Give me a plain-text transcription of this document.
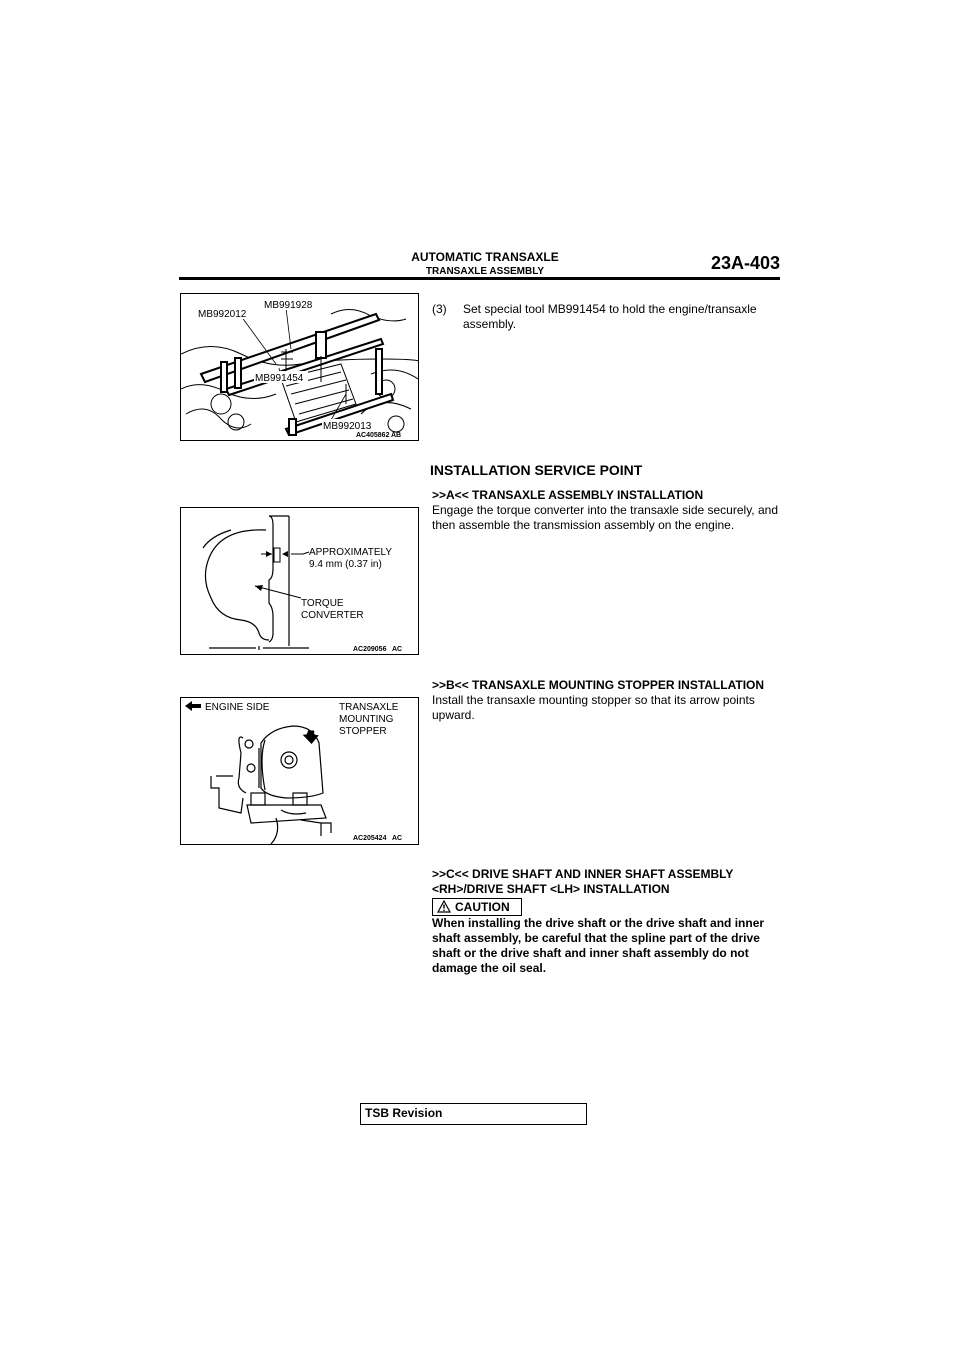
AUTOMATIC TRANSAXLE
TRANSAXLE ASSEMBLY	23A-403
MB991928
MB992012
MB991454
MB992013
AC405862 AB
(3)	Set special tool MB991454 to hold the engine/transaxle assembly.
INSTALLATION SERVICE POINT
>>A<< TRANSAXLE ASSEMBLY INSTALLATION
Engage the torque converter into the transaxle side securely, and then assemble the transmission assembly on the engine.
APPROXIMATELY
9.4 mm (0.37 in)
TORQUE
CONVERTER
AC209056 AC
>>B<< TRANSAXLE MOUNTING STOPPER INSTALLATION
Install the transaxle mounting stopper so that its arrow points upward.
ENGINE SIDE	TRANSAXLE
MOUNTING
STOPPER
AC205424 AC
>>C<< DRIVE SHAFT AND INNER SHAFT ASSEMBLY
<RH>/DRIVE SHAFT <LH> INSTALLATION
CAUTION
When installing the drive shaft or the drive shaft and inner shaft assembly, be careful that the spline part of the drive shaft or the drive shaft and inner shaft assembly do not damage the oil seal.
TSB Revision
